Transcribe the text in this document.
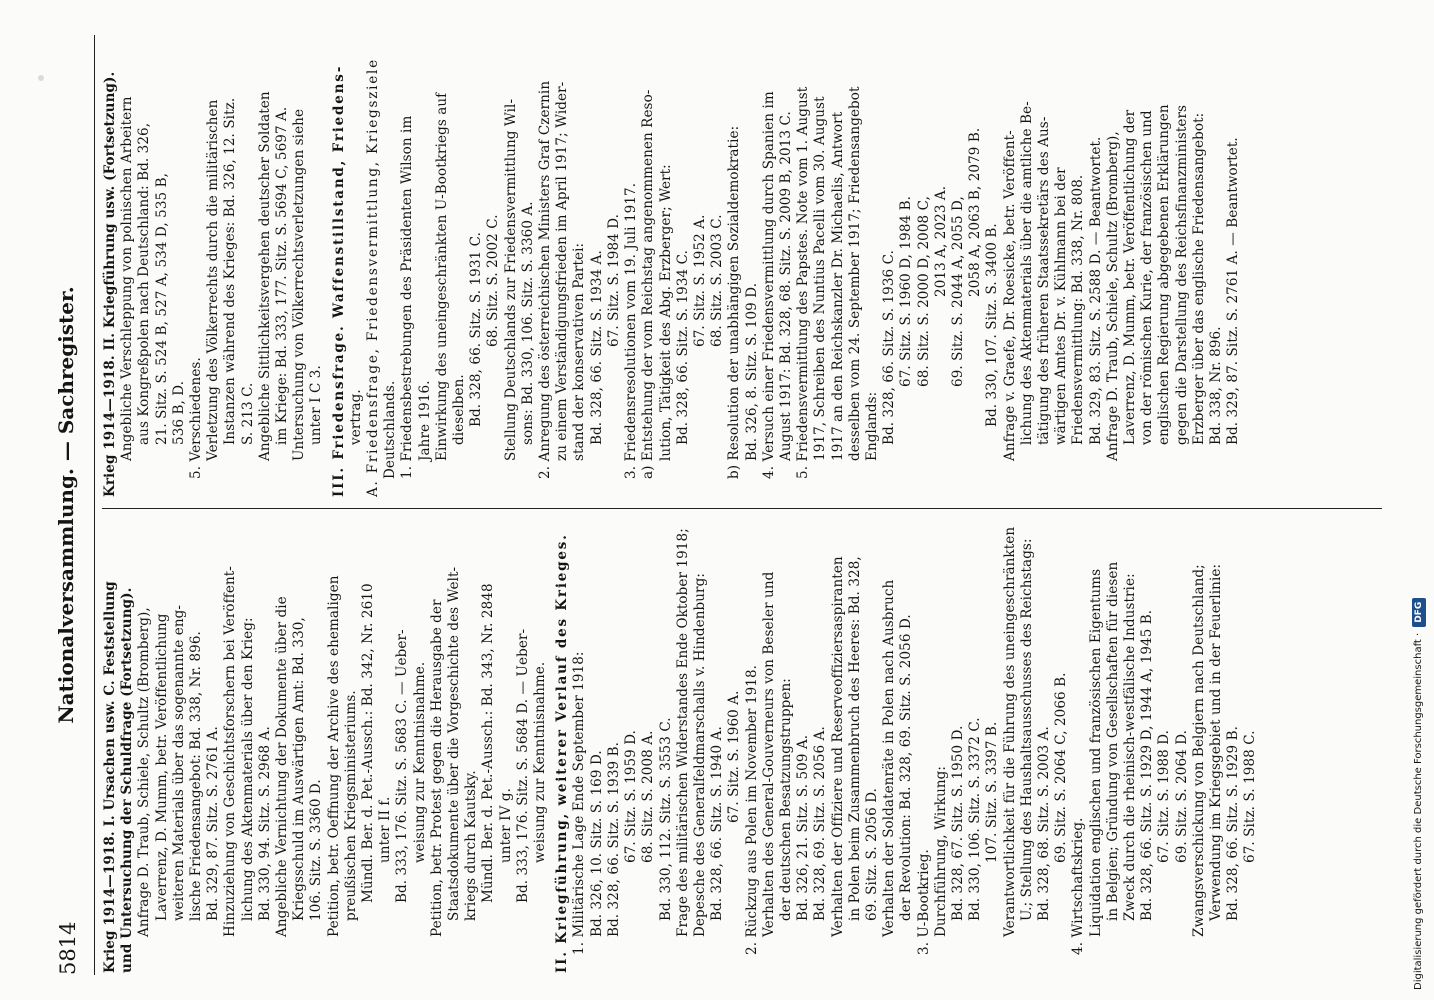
5814
Nationalversammlung. — Sachregister.
Krieg 1914—1918. I. Ursachen usw. C. Feststellung und Untersuchung der Schuldfrage (Fortsetzung). Anfrage D. Traub, Schiele, Schultz (Bromberg), Laverrenz, D. Mumm, betr. Veröffentlichung weiteren Materials über das sogenannte eng- lische Friedensangebot: Bd. 338, Nr. 896. Bd. 329, 87. Sitz. S. 2761 A. Hinzuziehung von Geschichtsforschern bei Veröffent- lichung des Aktenmaterials über den Krieg: Bd. 330, 94. Sitz. S. 2968 A. Angebliche Vernichtung der Dokumente über die Kriegsschuld im Auswärtigen Amt: Bd. 330, 106. Sitz. S. 3360 D. Petition, betr. Oeffnung der Archive des ehemaligen preußischen Kriegsministeriums. Mündl. Ber. d. Pet.-Aussch.: Bd. 342, Nr. 2610 unter II f. Bd. 333, 176. Sitz. S. 5683 C. — Ueber- weisung zur Kenntnisnahme. Petition, betr. Protest gegen die Herausgabe der Staatsdokumente über die Vorgeschichte des Welt- kriegs durch Kautsky. Mündl. Ber. d. Pet.-Aussch.: Bd. 343, Nr. 2848 unter IV g. Bd. 333, 176. Sitz. S. 5684 D. — Ueber- weisung zur Kenntnisnahme. II. Kriegführung, weiterer Verlauf des Krieges. 1. Militärische Lage Ende September 1918: Bd. 326, 10. Sitz. S. 169 D. Bd. 328, 66. Sitz. S. 1939 B. 67. Sitz. S. 1959 D. 68. Sitz. S. 2008 A. Bd. 330, 112. Sitz. S. 3553 C. Frage des militärischen Widerstandes Ende Oktober 1918; Depesche des Generalfeldmarschalls v. Hindenburg: Bd. 328, 66. Sitz. S. 1940 A. 67. Sitz. S. 1960 A. 2. Rückzug aus Polen im November 1918. Verhalten des General-Gouverneurs von Beseler und der deutschen Besatzungstruppen: Bd. 326, 21. Sitz. S. 509 A. Bd. 328, 69. Sitz. S. 2056 A. Verhalten der Offiziere und Reserveoffiziersaspiranten in Polen beim Zusammenbruch des Heeres: Bd. 328, 69. Sitz. S. 2056 D. Verhalten der Soldatenräte in Polen nach Ausbruch der Revolution: Bd. 328, 69. Sitz. S. 2056 D. 3. U-Bootkrieg. Durchführung, Wirkung: Bd. 328, 67. Sitz. S. 1950 D. Bd. 330, 106. Sitz. S. 3372 C. 107. Sitz. S. 3397 B. Verantwortlichkeit für die Führung des uneingeschränkten U.; Stellung des Haushaltsausschusses des Reichstags: Bd. 328, 68. Sitz. S. 2003 A. 69. Sitz. S. 2064 C, 2066 B.
4. Wirtschaftskrieg. Liquidation englischen und französischen Eigentums in Belgien; Gründung von Gesellschaften für diesen Zweck durch die rheinisch-westfälische Industrie: Bd. 328, 66. Sitz. S. 1929 D, 1944 A, 1945 B. 67. Sitz. S. 1988 D. 69. Sitz. S. 2064 D. Zwangsverschickung von Belgiern nach Deutschland; Verwendung im Kriegsgebiet und in der Feuerlinie: Bd. 328, 66. Sitz. S. 1929 B. 67. Sitz. S. 1988 C.
Krieg 1914—1918. II. Kriegführung usw. (Fortsetzung). Angebliche Verschleppung von polnischen Arbeitern aus Kongreßpolen nach Deutschland: Bd. 326, 21. Sitz. S. 524 B, 527 A, 534 D, 535 B, 536 B, D. 5. Verschiedenes. Verletzung des Völkerrechts durch die militärischen Instanzen während des Krieges: Bd. 326, 12. Sitz. S. 213 C. Angebliche Sittlichkeitsvergehen deutscher Soldaten im Kriege: Bd. 333, 177. Sitz. S. 5694 C, 5697 A. Untersuchung von Völkerrechtsverletzungen siehe unter I C 3. III. Friedensfrage. Waffenstillstand, Friedens- vertrag. A. Friedensfrage, Friedensvermittlung, Kriegsziele Deutschlands. 1. Friedensbestrebungen des Präsidenten Wilson im Jahre 1916. Einwirkung des uneingeschränkten U-Bootkriegs auf dieselben. Bd. 328, 66. Sitz. S. 1931 C. 68. Sitz. S. 2002 C. Stellung Deutschlands zur Friedensvermittlung Wil- sons: Bd. 330, 106. Sitz. S. 3360 A. 2. Anregung des österreichischen Ministers Graf Czernin zu einem Verständigungsfrieden im April 1917; Wider- stand der konservativen Partei: Bd. 328, 66. Sitz. S. 1934 A. 67. Sitz. S. 1984 D. 3. Friedensresolutionen vom 19. Juli 1917. a) Entstehung der vom Reichstag angenommenen Reso- lution, Tätigkeit des Abg. Erzberger; Wert: Bd. 328, 66. Sitz. S. 1934 C. 67. Sitz. S. 1952 A. 68. Sitz. S. 2003 C. b) Resolution der unabhängigen Sozialdemokratie: Bd. 326, 8. Sitz. S. 109 D. 4. Versuch einer Friedensvermittlung durch Spanien im August 1917: Bd. 328, 68. Sitz. S. 2009 B, 2013 C. 5. Friedensvermittlung des Papstes. Note vom 1. August 1917, Schreiben des Nuntius Pacelli vom 30. August 1917 an den Reichskanzler Dr. Michaelis, Antwort desselben vom 24. September 1917; Friedensangebot Englands: Bd. 328, 66. Sitz. S. 1936 C. 67. Sitz. S. 1960 D, 1984 B. 68. Sitz. S. 2000 D, 2008 C, 2013 A, 2023 A. 69. Sitz. S. 2044 A, 2055 D, 2058 A, 2063 B, 2079 B.
Bd. 330, 107. Sitz. S. 3400 B. Anfrage v. Graefe, Dr. Roesicke, betr. Veröffent- lichung des Aktenmaterials über die amtliche Be- tätigung des früheren Staatssekretärs des Aus- wärtigen Amtes Dr. v. Kühlmann bei der Friedensvermittlung: Bd. 338, Nr. 808. Bd. 329, 83. Sitz. S. 2588 D. — Beantwortet. Anfrage D. Traub, Schiele, Schultz (Bromberg), Laverrenz, D. Mumm, betr. Veröffentlichung der von der römischen Kurie, der französischen und englischen Regierung abgegebenen Erklärungen gegen die Darstellung des Reichsfinanzministers Erzberger über das englische Friedensangebot: Bd. 338, Nr. 896. Bd. 329, 87. Sitz. S. 2761 A. — Beantwortet.
Digitalisierung gefördert durch die Deutsche Forschungsgemeinschaft ·DFG
